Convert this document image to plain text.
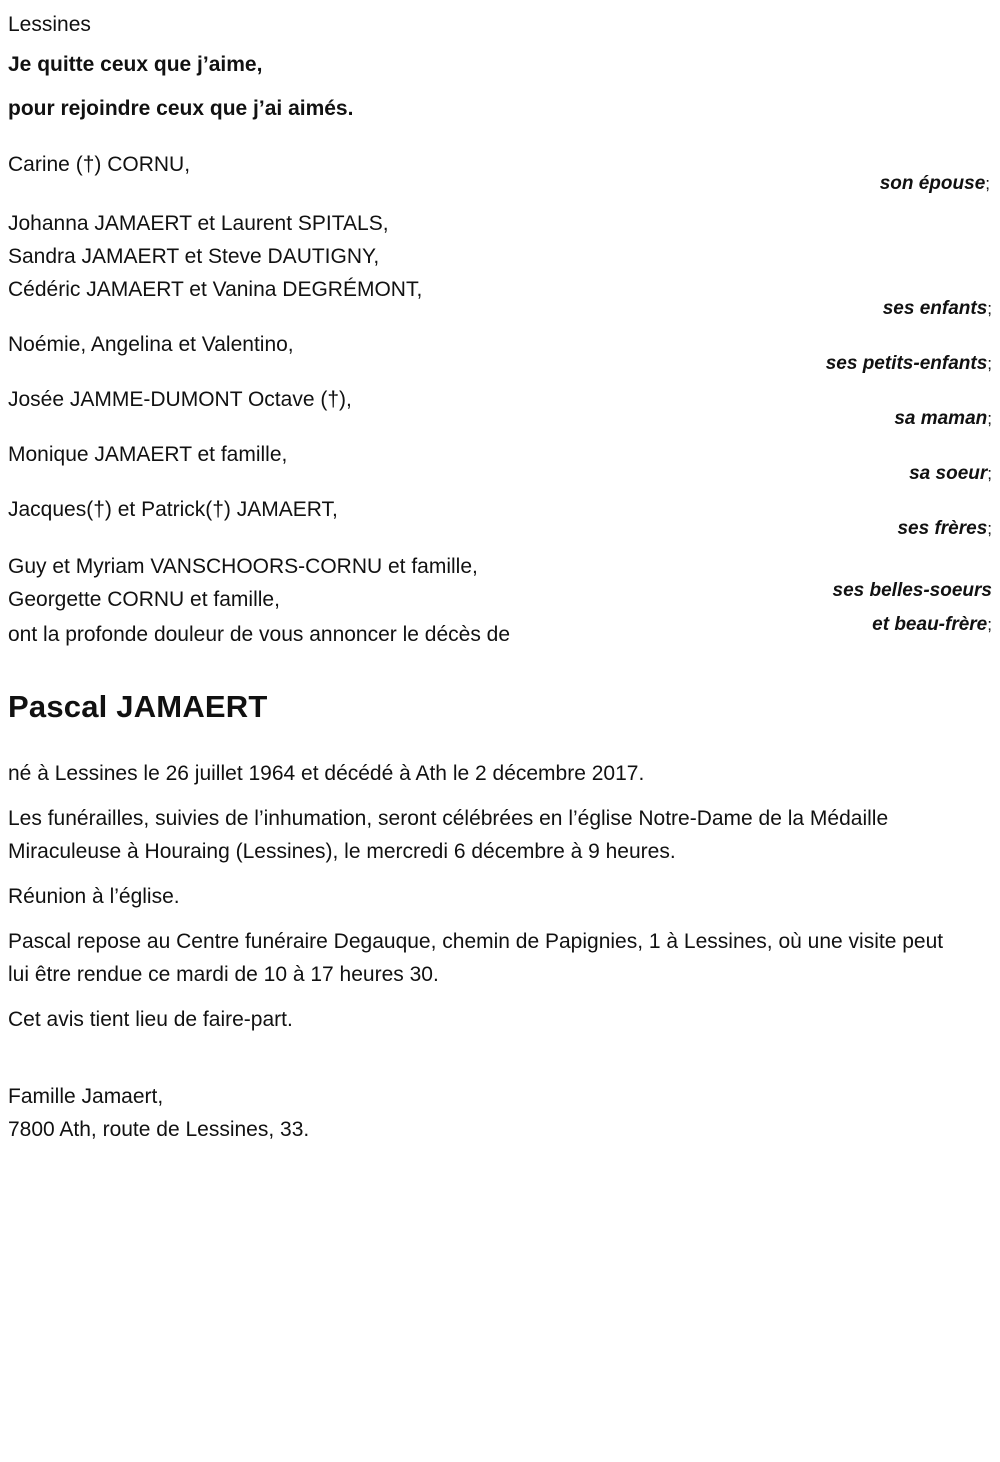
Lessines
Je quitte ceux que j’aime,
pour rejoindre ceux que j’ai aimés.
Carine (†) CORNU,
son épouse;
Johanna JAMAERT et Laurent SPITALS,
Sandra JAMAERT et Steve DAUTIGNY,
Cédéric JAMAERT et Vanina DEGRÉMONT,
ses enfants;
Noémie, Angelina et Valentino,
ses petits-enfants;
Josée JAMME-DUMONT Octave (†),
sa maman;
Monique JAMAERT et famille,
sa soeur;
Jacques(†) et Patrick(†) JAMAERT,
ses frères;
Guy et Myriam VANSCHOORS-CORNU et famille,
Georgette CORNU et famille,	ses belles-soeurs
et beau-frère;
ont la profonde douleur de vous annoncer le décès de
Pascal JAMAERT

né à Lessines le 26 juillet 1964 et décédé à Ath le 2 décembre 2017.

Les funérailles, suivies de l’inhumation, seront célébrées en l’église Notre-Dame de la Médaille Miraculeuse à Houraing (Lessines), le mercredi 6 décembre à 9 heures.

Réunion à l’église.

Pascal repose au Centre funéraire Degauque, chemin de Papignies, 1 à Lessines, où une visite peut lui être rendue ce mardi de 10 à 17 heures 30.

Cet avis tient lieu de faire-part.

Famille Jamaert,
7800 Ath, route de Lessines, 33.
